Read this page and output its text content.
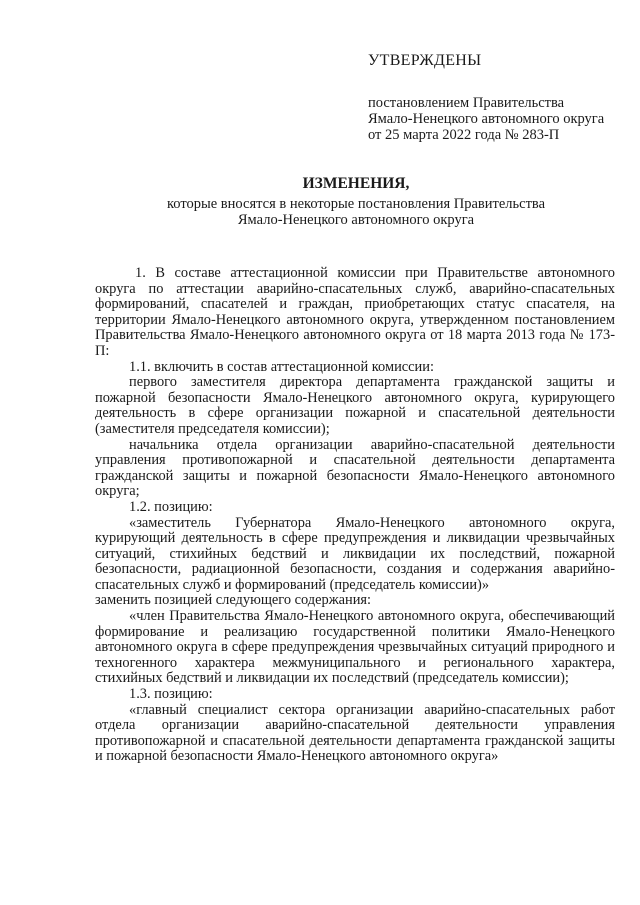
УТВЕРЖДЕНЫ
постановлением Правительства
Ямало-Ненецкого автономного округа
от 25 марта 2022 года № 283-П
ИЗМЕНЕНИЯ,
которые вносятся в некоторые постановления Правительства
Ямало-Ненецкого автономного округа

1. В составе аттестационной комиссии при Правительстве автономного округа по аттестации аварийно-спасательных служб, аварийно-спасательных формирований, спасателей и граждан, приобретающих статус спасателя, на территории Ямало-Ненецкого автономного округа, утвержденном постановлением Правительства Ямало-Ненецкого автономного округа от 18 марта 2013 года № 173-П:

1.1. включить в состав аттестационной комиссии:

первого заместителя директора департамента гражданской защиты и пожарной безопасности Ямало-Ненецкого автономного округа, курирующего деятельность в сфере организации пожарной и спасательной деятельности (заместителя председателя комиссии);

начальника отдела организации аварийно-спасательной деятельности управления противопожарной и спасательной деятельности департамента гражданской защиты и пожарной безопасности Ямало-Ненецкого автономного округа;

1.2. позицию:

«заместитель Губернатора Ямало-Ненецкого автономного округа, курирующий деятельность в сфере предупреждения и ликвидации чрезвычайных ситуаций, стихийных бедствий и ликвидации их последствий, пожарной безопасности, радиационной безопасности, создания и содержания аварийно-спасательных служб и формирований (председатель комиссии)»

заменить позицией следующего содержания:

«член Правительства Ямало-Ненецкого автономного округа, обеспечивающий формирование и реализацию государственной политики Ямало-Ненецкого автономного округа в сфере предупреждения чрезвычайных ситуаций природного и техногенного характера межмуниципального и регионального характера, стихийных бедствий и ликвидации их последствий (председатель комиссии);

1.3. позицию:

«главный специалист сектора организации аварийно-спасательных работ отдела организации аварийно-спасательной деятельности управления противопожарной и спасательной деятельности департамента гражданской защиты и пожарной безопасности Ямало-Ненецкого автономного округа»
